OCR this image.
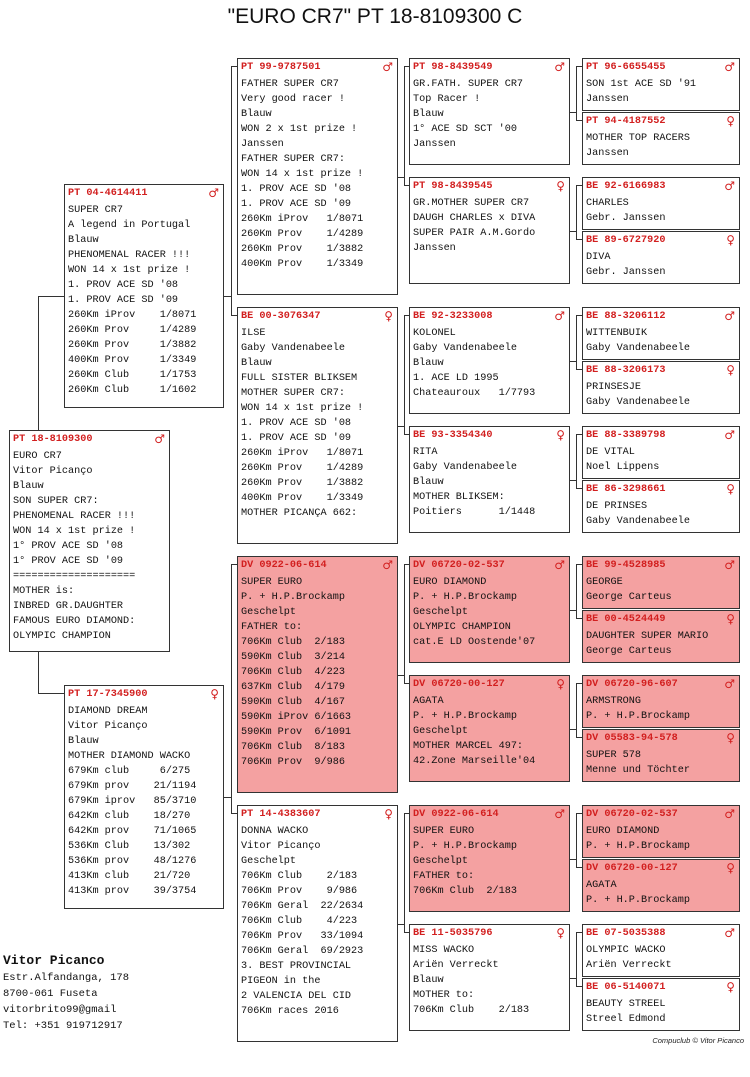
"EURO CR7" PT 18-8109300 C
PT 18-8109300	♂
EURO CR7
Vitor Picanço
Blauw
SON SUPER CR7:
PHENOMENAL RACER !!!
WON 14 x 1st prize !
1° PROV ACE SD '08
1° PROV ACE SD '09
====================
MOTHER is:
INBRED GR.DAUGHTER
FAMOUS EURO DIAMOND:
OLYMPIC CHAMPION
PT 04-4614411	♂
SUPER CR7
A legend in Portugal
Blauw
PHENOMENAL RACER !!!
WON 14 x 1st prize !
1. PROV ACE SD '08
1. PROV ACE SD '09
260Km iProv    1/8071
260Km Prov     1/4289
260Km Prov     1/3882
400Km Prov     1/3349
260Km Club     1/1753
260Km Club     1/1602
PT 17-7345900	♀
DIAMOND DREAM
Vitor Picanço
Blauw
MOTHER DIAMOND WACKO
679Km club     6/275
679Km prov    21/1194
679Km iprov   85/3710
642Km club    18/270
642Km prov    71/1065
536Km Club    13/302
536Km prov    48/1276
413Km club    21/720
413Km prov    39/3754
PT 99-9787501	♂
FATHER SUPER CR7
Very good racer !
Blauw
WON 2 x 1st prize !
Janssen
FATHER SUPER CR7:
WON 14 x 1st prize !
1. PROV ACE SD '08
1. PROV ACE SD '09
260Km iProv   1/8071
260Km Prov    1/4289
260Km Prov    1/3882
400Km Prov    1/3349
BE 00-3076347	♀
ILSE
Gaby Vandenabeele
Blauw
FULL SISTER BLIKSEM
MOTHER SUPER CR7:
WON 14 x 1st prize !
1. PROV ACE SD '08
1. PROV ACE SD '09
260Km iProv   1/8071
260Km Prov    1/4289
260Km Prov    1/3882
400Km Prov    1/3349
MOTHER PICANÇA 662:
DV 0922-06-614	♂
SUPER EURO
P. + H.P.Brockamp
Geschelpt
FATHER to:
706Km Club  2/183
590Km Club  3/214
706Km Club  4/223
637Km Club  4/179
590Km Club  4/167
590Km iProv 6/1663
590Km Prov  6/1091
706Km Club  8/183
706Km Prov  9/986
PT 14-4383607	♀
DONNA WACKO
Vitor Picanço
Geschelpt
706Km Club    2/183
706Km Prov    9/986
706Km Geral  22/2634
706Km Club    4/223
706Km Prov   33/1094
706Km Geral  69/2923
3. BEST PROVINCIAL
PIGEON in the
2 VALENCIA DEL CID
706Km races 2016
PT 98-8439549	♂
GR.FATH. SUPER CR7
Top Racer !
Blauw
1° ACE SD SCT '00
Janssen
PT 98-8439545	♀
GR.MOTHER SUPER CR7
DAUGH CHARLES x DIVA
SUPER PAIR A.M.Gordo
Janssen
BE 92-3233008	♂
KOLONEL
Gaby Vandenabeele
Blauw
1. ACE LD 1995
Chateauroux   1/7793
BE 93-3354340	♀
RITA
Gaby Vandenabeele
Blauw
MOTHER BLIKSEM:
Poitiers      1/1448
DV 06720-02-537	♂
EURO DIAMOND
P. + H.P.Brockamp
Geschelpt
OLYMPIC CHAMPION
cat.E LD Oostende'07
DV 06720-00-127	♀
AGATA
P. + H.P.Brockamp
Geschelpt
MOTHER MARCEL 497:
42.Zone Marseille'04
DV 0922-06-614	♂
SUPER EURO
P. + H.P.Brockamp
Geschelpt
FATHER to:
706Km Club  2/183
BE 11-5035796	♀
MISS WACKO
Ariën Verreckt
Blauw
MOTHER to:
706Km Club    2/183
PT 96-6655455	♂
SON 1st ACE SD '91
Janssen
PT 94-4187552	♀
MOTHER TOP RACERS
Janssen
BE 92-6166983	♂
CHARLES
Gebr. Janssen
BE 89-6727920	♀
DIVA
Gebr. Janssen
BE 88-3206112	♂
WITTENBUIK
Gaby Vandenabeele
BE 88-3206173	♀
PRINSESJE
Gaby Vandenabeele
BE 88-3389798	♂
DE VITAL
Noel Lippens
BE 86-3298661	♀
DE PRINSES
Gaby Vandenabeele
BE 99-4528985	♂
GEORGE
George Carteus
BE 00-4524449	♀
DAUGHTER SUPER MARIO
George Carteus
DV 06720-96-607	♂
ARMSTRONG
P. + H.P.Brockamp
DV 05583-94-578	♀
SUPER 578
Menne und Töchter
DV 06720-02-537	♂
EURO DIAMOND
P. + H.P.Brockamp
DV 06720-00-127	♀
AGATA
P. + H.P.Brockamp
BE 07-5035388	♂
OLYMPIC WACKO
Ariën Verreckt
BE 06-5140071	♀
BEAUTY STREEL
Streel Edmond
Vitor Picanco
Estr.Alfandanga, 178
8700-061 Fuseta
vitorbrito99@gmail
Tel: +351 919712917
Compuclub © Vitor Picanco
